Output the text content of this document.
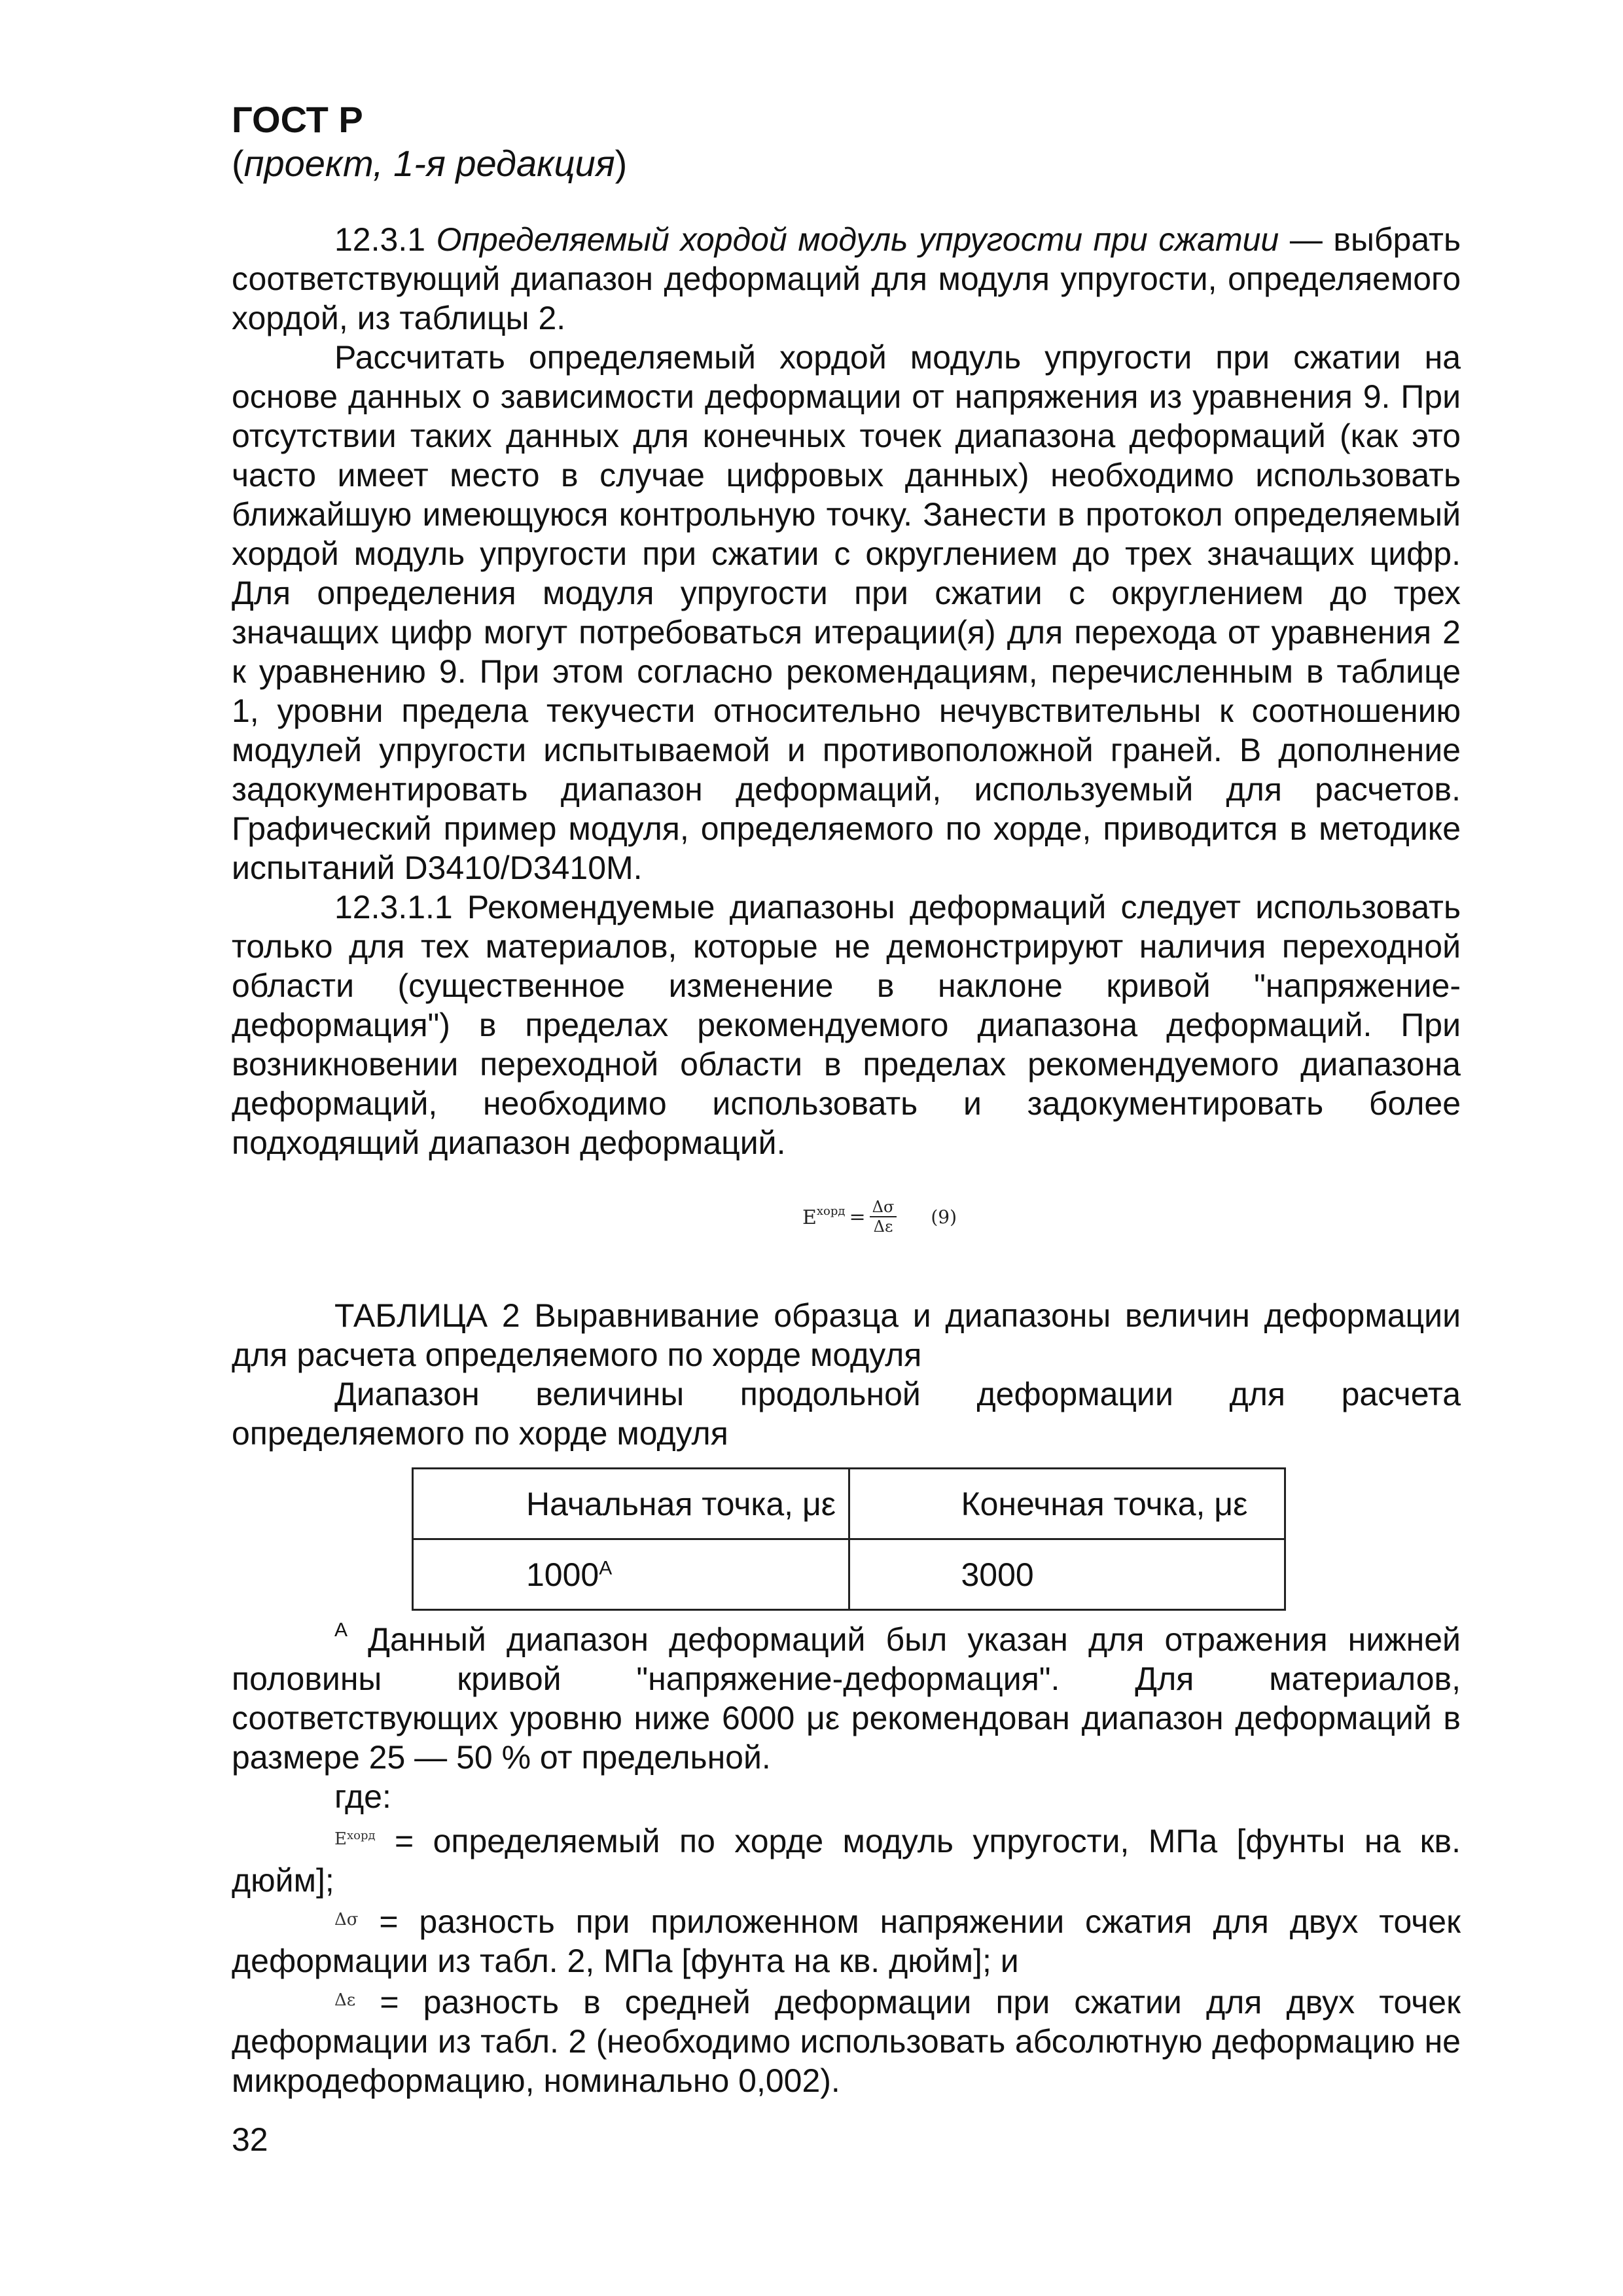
ГОСТ Р
(проект, 1-я редакция)

12.3.1 Определяемый хордой модуль упругости при сжатии — выбрать соответствующий диапазон деформаций для модуля упругости, определяемого хордой, из таблицы 2.

Рассчитать определяемый хордой модуль упругости при сжатии на основе данных о зависимости деформации от напряжения из уравнения 9. При отсутствии таких данных для конечных точек диапазона деформаций (как это часто имеет место в случае цифровых данных) необходимо использовать ближайшую имеющуюся контрольную точку. Занести в протокол определяемый хордой модуль упругости при сжатии с округлением до трех значащих цифр. Для определения модуля упругости при сжатии с округлением до трех значащих цифр могут потребоваться итерации(я) для перехода от уравнения 2 к уравнению 9. При этом согласно рекомендациям, перечисленным в таблице 1, уровни предела текучести относительно нечувствительны к соотношению модулей упругости испытываемой и противоположной граней. В дополнение задокументировать диапазон деформаций, используемый для расчетов. Графический пример модуля, определяемого по хорде, приводится в методике испытаний D3410/D3410M.

12.3.1.1 Рекомендуемые диапазоны деформаций следует использовать только для тех материалов, которые не демонстрируют наличия переходной области (существенное изменение в наклоне кривой "напряжение-деформация") в пределах рекомендуемого диапазона деформаций. При возникновении переходной области в пределах рекомендуемого диапазона деформаций, необходимо использовать и задокументировать более подходящий диапазон деформаций.

$E^{хорд} = \frac{\Delta\sigma}{\Delta\varepsilon} (9)$

ТАБЛИЦА 2 Выравнивание образца и диапазоны величин деформации для расчета определяемого по хорде модуля

Диапазон величины продольной деформации для расчета определяемого по хорде модуля

Начальная точка, με	Конечная точка, με
$1000^A$	3000

$^A$ Данный диапазон деформаций был указан для отражения нижней половины кривой "напряжение-деформация". Для материалов, соответствующих уровню ниже 6000 με рекомендован диапазон деформаций в размере 25 — 50 % от предельной.

где:

$^{E^{хорд}}$ = определяемый по хорде модуль упругости, МПа [фунты на кв. дюйм];

$^{\Delta\sigma}$ = разность при приложенном напряжении сжатия для двух точек деформации из табл. 2, МПа [фунта на кв. дюйм]; и

$^{\Delta\varepsilon}$ = разность в средней деформации при сжатии для двух точек деформации из табл. 2 (необходимо использовать абсолютную деформацию не микродеформацию, номинально 0,002).

32
